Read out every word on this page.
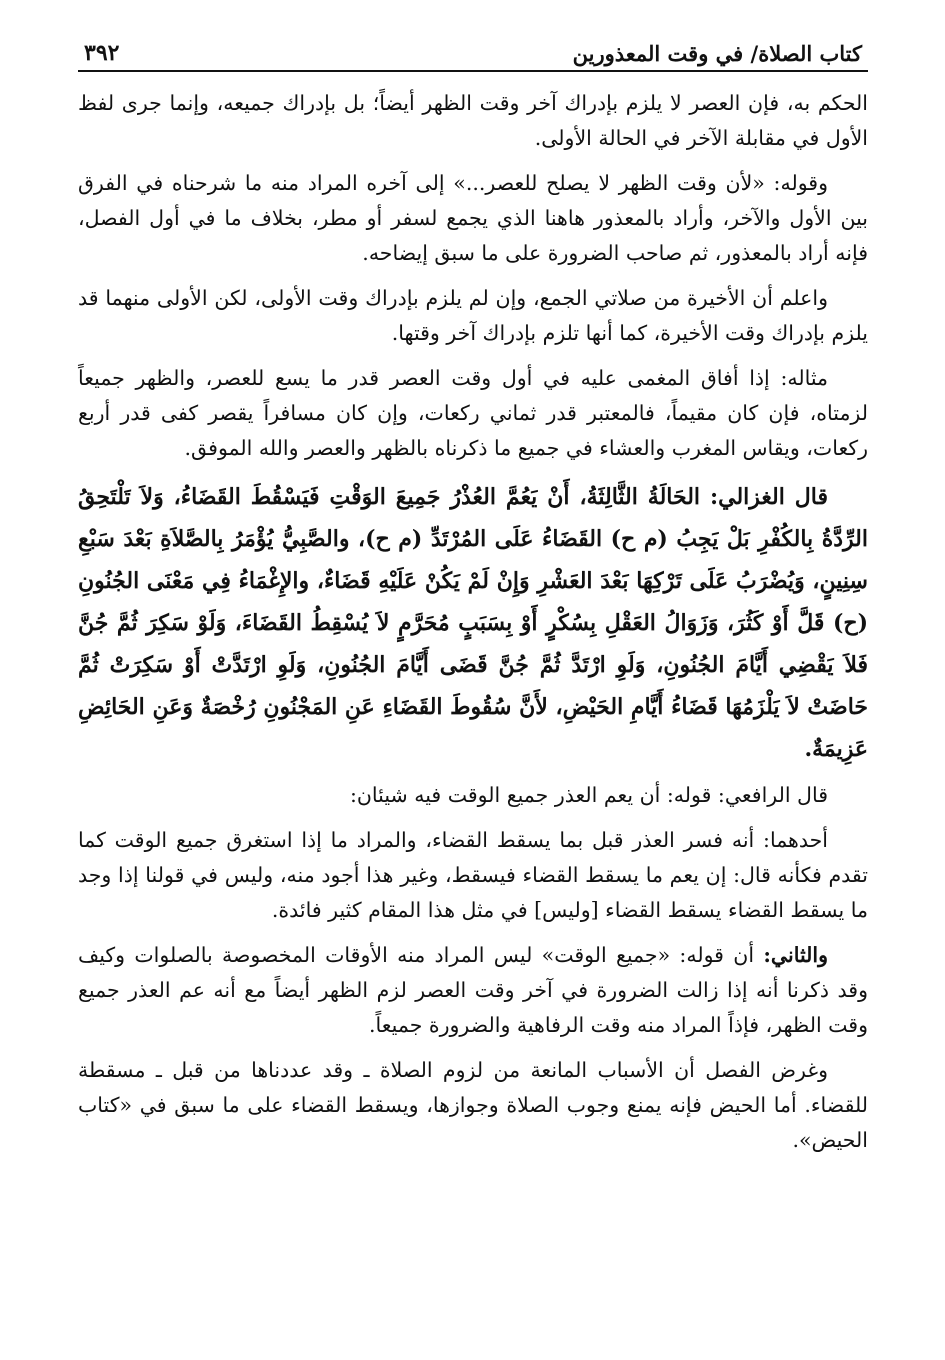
كتاب الصلاة/ في وقت المعذورين
٣٩٢

الحكم به، فإن العصر لا يلزم بإدراك آخر وقت الظهر أيضاً؛ بل بإدراك جميعه، وإنما جرى لفظ الأول في مقابلة الآخر في الحالة الأولى.

وقوله: «لأن وقت الظهر لا يصلح للعصر...» إلى آخره المراد منه ما شرحناه في الفرق بين الأول والآخر، وأراد بالمعذور هاهنا الذي يجمع لسفر أو مطر، بخلاف ما في أول الفصل، فإنه أراد بالمعذور، ثم صاحب الضرورة على ما سبق إيضاحه.

واعلم أن الأخيرة من صلاتي الجمع، وإن لم يلزم بإدراك وقت الأولى، لكن الأولى منهما قد يلزم بإدراك وقت الأخيرة، كما أنها تلزم بإدراك آخر وقتها.

مثاله: إذا أفاق المغمى عليه في أول وقت العصر قدر ما يسع للعصر، والظهر جميعاً لزمتاه، فإن كان مقيماً، فالمعتبر قدر ثماني ركعات، وإن كان مسافراً يقصر كفى قدر أربع ركعات، ويقاس المغرب والعشاء في جميع ما ذكرناه بالظهر والعصر والله الموفق.

قال الغزالي: الحَالَةُ الثَّالِثَةُ، أَنْ يَعُمَّ العُذْرُ جَمِيعَ الوَقْتِ فَيَسْقُطَ القَضَاءُ، وَلاَ تَلْتَحِقُ الرِّدَّةُ بِالكُفْرِ بَلْ يَجِبُ (م ح) القَضَاءُ عَلَى المُرْتَدِّ (م ح)، والصَّبِيُّ يُؤْمَرُ بِالصَّلاَةِ بَعْدَ سَبْعِ سِنِينٍ، وَيُضْرَبُ عَلَى تَرْكِهَا بَعْدَ العَشْرِ وَإِنْ لَمْ يَكُنْ عَلَيْهِ قَضَاءٌ، والإِغْمَاءُ فِي مَعْنَى الجُنُونِ (ح) قَلَّ أَوْ كَثُرَ، وَزَوَالُ العَقْلِ بِسُكْرٍ أَوْ بِسَبَبٍ مُحَرَّمٍ لاَ يُسْقِطُ القَضَاءَ، وَلَوْ سَكِرَ ثُمَّ جُنَّ فَلاَ يَقْضِي أَيَّامَ الجُنُونِ، وَلَوِ ارْتَدَّ ثُمَّ جُنَّ قَضَى أَيَّامَ الجُنُونِ، وَلَوِ ارْتَدَّتْ أَوْ سَكِرَتْ ثُمَّ حَاضَتْ لاَ يَلْزَمُهَا قَضَاءُ أَيَّامِ الحَيْضِ، لأَنَّ سُقُوطَ القَضَاءِ عَنِ المَجْنُونِ رُخْصَةٌ وَعَنِ الحَائِضِ عَزِيمَةٌ.

قال الرافعي: قوله: أن يعم العذر جميع الوقت فيه شيئان:

أحدهما: أنه فسر العذر قبل بما يسقط القضاء، والمراد ما إذا استغرق جميع الوقت كما تقدم فكأنه قال: إن يعم ما يسقط القضاء فيسقط، وغير هذا أجود منه، وليس في قولنا إذا وجد ما يسقط القضاء يسقط القضاء [وليس] في مثل هذا المقام كثير فائدة.

والثاني: أن قوله: «جميع الوقت» ليس المراد منه الأوقات المخصوصة بالصلوات وكيف وقد ذكرنا أنه إذا زالت الضرورة في آخر وقت العصر لزم الظهر أيضاً مع أنه عم العذر جميع وقت الظهر، فإذاً المراد منه وقت الرفاهية والضرورة جميعاً.

وغرض الفصل أن الأسباب المانعة من لزوم الصلاة ـ وقد عددناها من قبل ـ مسقطة للقضاء. أما الحيض فإنه يمنع وجوب الصلاة وجوازها، ويسقط القضاء على ما سبق في «كتاب الحيض».
